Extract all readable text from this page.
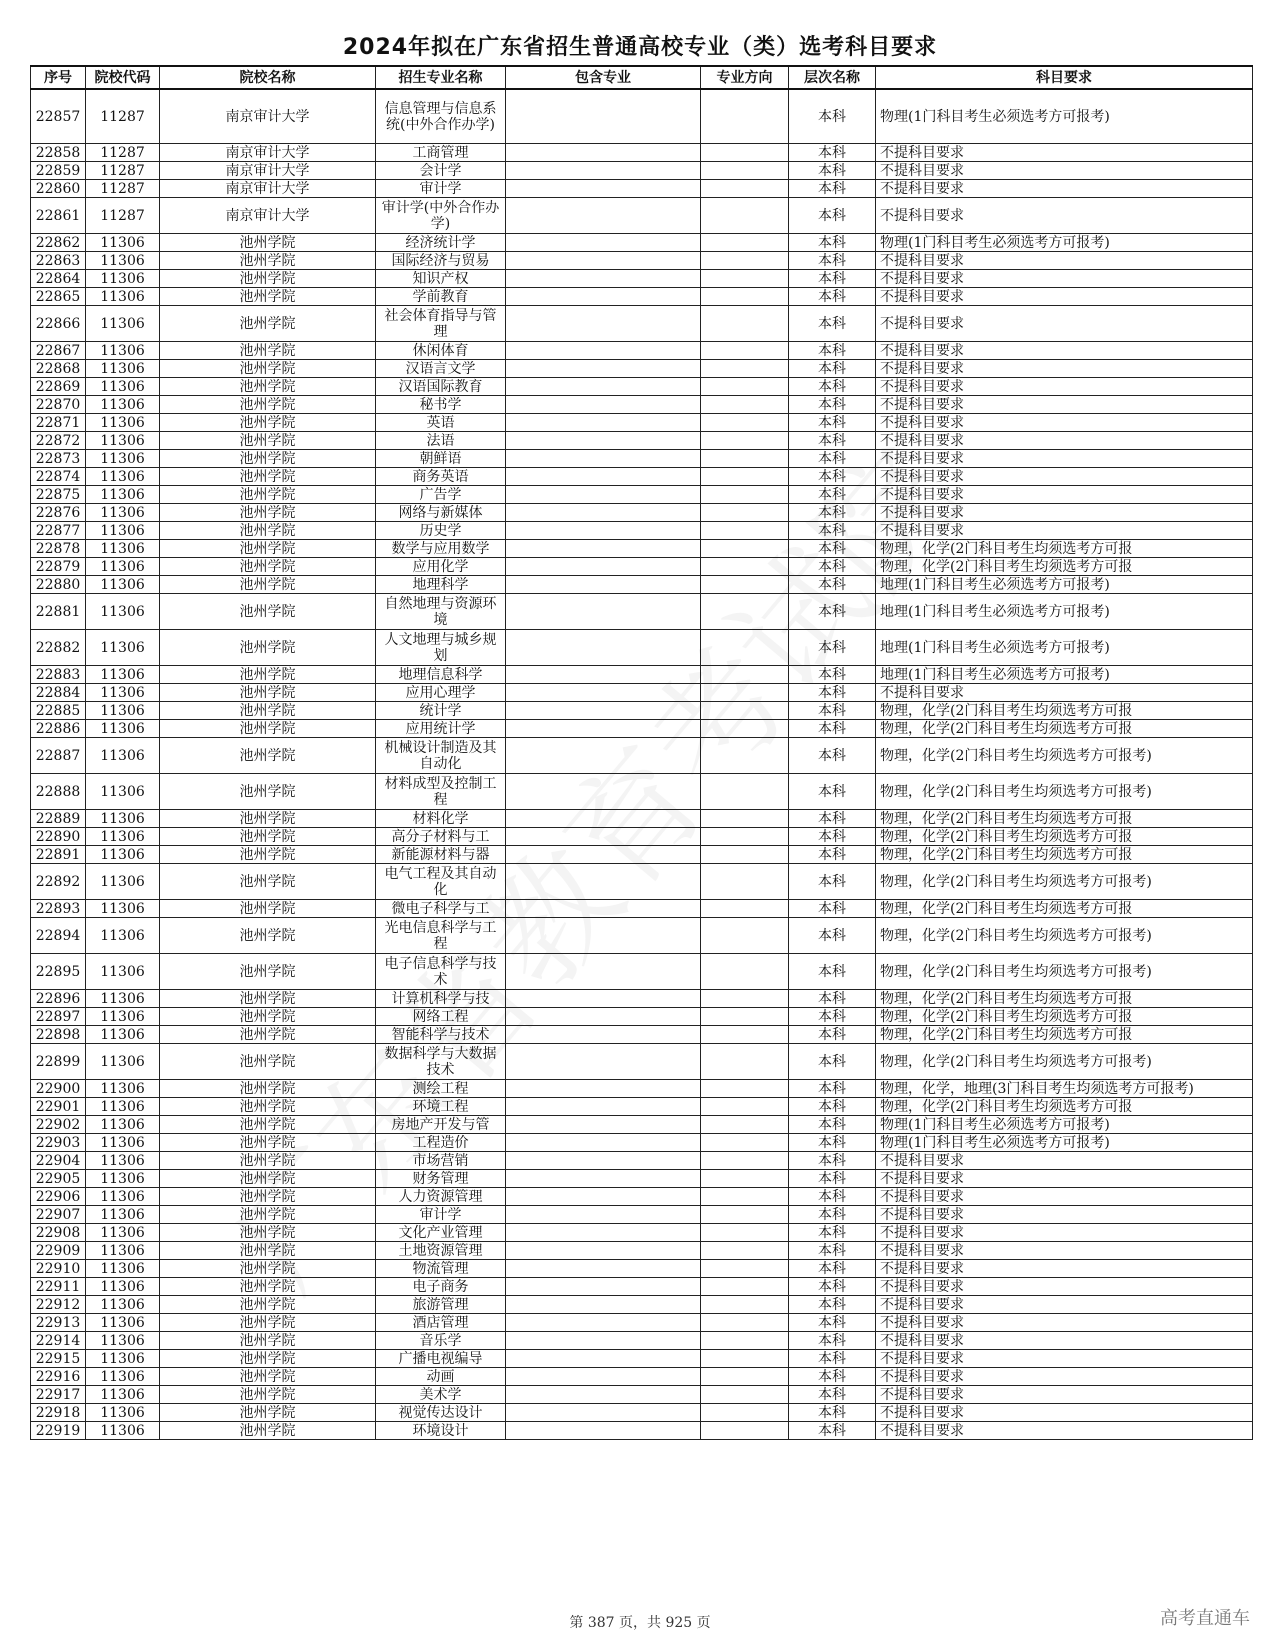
2024年拟在广东省招生普通高校专业（类）选考科目要求
序号	院校代码	院校名称	招生专业名称	包含专业	专业方向	层次名称	科目要求
22857	11287	南京审计大学	信息管理与信息系统(中外合作办学)			本科	物理(1门科目考生必须选考方可报考)
22858	11287	南京审计大学	工商管理			本科	不提科目要求
22859	11287	南京审计大学	会计学			本科	不提科目要求
22860	11287	南京审计大学	审计学			本科	不提科目要求
22861	11287	南京审计大学	审计学(中外合作办学)			本科	不提科目要求
22862	11306	池州学院	经济统计学			本科	物理(1门科目考生必须选考方可报考)
22863	11306	池州学院	国际经济与贸易			本科	不提科目要求
22864	11306	池州学院	知识产权			本科	不提科目要求
22865	11306	池州学院	学前教育			本科	不提科目要求
22866	11306	池州学院	社会体育指导与管理			本科	不提科目要求
22867	11306	池州学院	休闲体育			本科	不提科目要求
22868	11306	池州学院	汉语言文学			本科	不提科目要求
22869	11306	池州学院	汉语国际教育			本科	不提科目要求
22870	11306	池州学院	秘书学			本科	不提科目要求
22871	11306	池州学院	英语			本科	不提科目要求
22872	11306	池州学院	法语			本科	不提科目要求
22873	11306	池州学院	朝鲜语			本科	不提科目要求
22874	11306	池州学院	商务英语			本科	不提科目要求
22875	11306	池州学院	广告学			本科	不提科目要求
22876	11306	池州学院	网络与新媒体			本科	不提科目要求
22877	11306	池州学院	历史学			本科	不提科目要求
22878	11306	池州学院	数学与应用数学			本科	物理，化学(2门科目考生均须选考方可报
22879	11306	池州学院	应用化学			本科	物理，化学(2门科目考生均须选考方可报
22880	11306	池州学院	地理科学			本科	地理(1门科目考生必须选考方可报考)
22881	11306	池州学院	自然地理与资源环境			本科	地理(1门科目考生必须选考方可报考)
22882	11306	池州学院	人文地理与城乡规划			本科	地理(1门科目考生必须选考方可报考)
22883	11306	池州学院	地理信息科学			本科	地理(1门科目考生必须选考方可报考)
22884	11306	池州学院	应用心理学			本科	不提科目要求
22885	11306	池州学院	统计学			本科	物理，化学(2门科目考生均须选考方可报
22886	11306	池州学院	应用统计学			本科	物理，化学(2门科目考生均须选考方可报
22887	11306	池州学院	机械设计制造及其自动化			本科	物理，化学(2门科目考生均须选考方可报考)
22888	11306	池州学院	材料成型及控制工程			本科	物理，化学(2门科目考生均须选考方可报考)
22889	11306	池州学院	材料化学			本科	物理，化学(2门科目考生均须选考方可报
22890	11306	池州学院	高分子材料与工			本科	物理，化学(2门科目考生均须选考方可报
22891	11306	池州学院	新能源材料与器			本科	物理，化学(2门科目考生均须选考方可报
22892	11306	池州学院	电气工程及其自动化			本科	物理，化学(2门科目考生均须选考方可报考)
22893	11306	池州学院	微电子科学与工			本科	物理，化学(2门科目考生均须选考方可报
22894	11306	池州学院	光电信息科学与工程			本科	物理，化学(2门科目考生均须选考方可报考)
22895	11306	池州学院	电子信息科学与技术			本科	物理，化学(2门科目考生均须选考方可报考)
22896	11306	池州学院	计算机科学与技			本科	物理，化学(2门科目考生均须选考方可报
22897	11306	池州学院	网络工程			本科	物理，化学(2门科目考生均须选考方可报
22898	11306	池州学院	智能科学与技术			本科	物理，化学(2门科目考生均须选考方可报
22899	11306	池州学院	数据科学与大数据技术			本科	物理，化学(2门科目考生均须选考方可报考)
22900	11306	池州学院	测绘工程			本科	物理，化学，地理(3门科目考生均须选考方可报考)
22901	11306	池州学院	环境工程			本科	物理，化学(2门科目考生均须选考方可报
22902	11306	池州学院	房地产开发与管			本科	物理(1门科目考生必须选考方可报考)
22903	11306	池州学院	工程造价			本科	物理(1门科目考生必须选考方可报考)
22904	11306	池州学院	市场营销			本科	不提科目要求
22905	11306	池州学院	财务管理			本科	不提科目要求
22906	11306	池州学院	人力资源管理			本科	不提科目要求
22907	11306	池州学院	审计学			本科	不提科目要求
22908	11306	池州学院	文化产业管理			本科	不提科目要求
22909	11306	池州学院	土地资源管理			本科	不提科目要求
22910	11306	池州学院	物流管理			本科	不提科目要求
22911	11306	池州学院	电子商务			本科	不提科目要求
22912	11306	池州学院	旅游管理			本科	不提科目要求
22913	11306	池州学院	酒店管理			本科	不提科目要求
22914	11306	池州学院	音乐学			本科	不提科目要求
22915	11306	池州学院	广播电视编导			本科	不提科目要求
22916	11306	池州学院	动画			本科	不提科目要求
22917	11306	池州学院	美术学			本科	不提科目要求
22918	11306	池州学院	视觉传达设计			本科	不提科目要求
22919	11306	池州学院	环境设计			本科	不提科目要求
第 387 页，共 925 页	高考直通车
